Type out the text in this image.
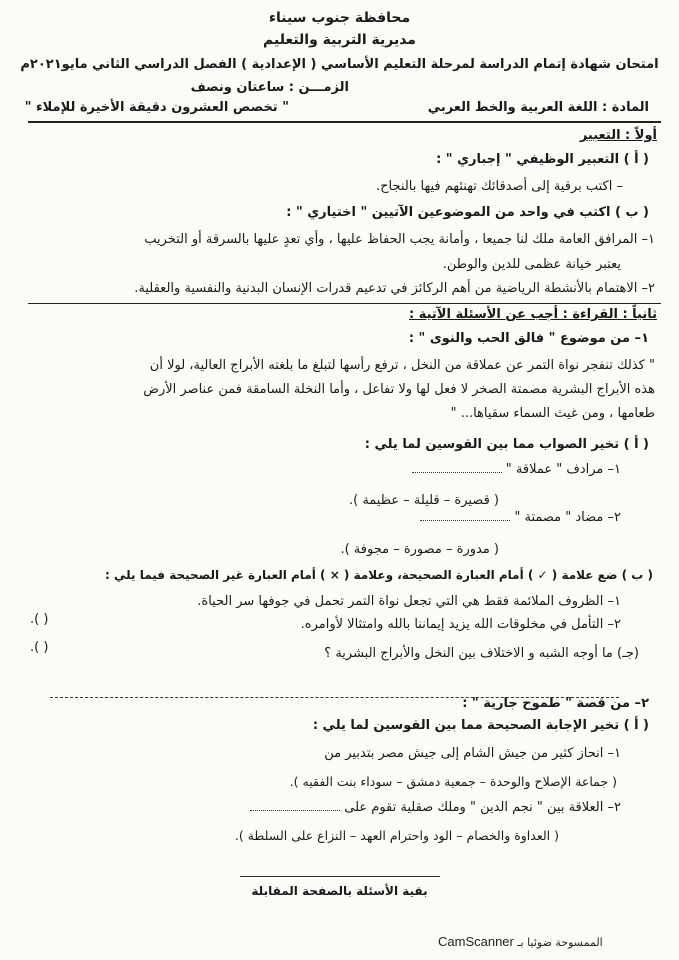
محافظة جنوب سيناء
مديرية التربية والتعليم
امتحان شهادة إتمام الدراسة لمرحلة التعليم الأساسي ( الإعدادية ) الفصل الدراسي الثاني مايو٢٠٢١م
الزمـــن : ساعتان ونصف
المادة : اللغة العربية والخط العربي
" تخصص العشرون دقيقة الأخيرة للإملاء "
أولاً : التعبير
( أ ) التعبير الوظيفي " إجباري " :
– اكتب برقية إلى أصدقائك تهنئهم فيها بالنجاح.
( ب ) اكتب في واحد من الموضوعين الآتيين " اختياري " :
١– المرافق العامة ملك لنا جميعا ، وأمانة يجب الحفاظ عليها ، وأي تعدٍ عليها بالسرقة أو التخريب
يعتبر خيانة عظمى للدين والوطن.
٢– الاهتمام بالأنشطة الرياضية من أهم الركائز في تدعيم قدرات الإنسان البدنية والنفسية والعقلية.
ثانياً : القراءة : أجب عن الأسئلة الآتية :
١– من موضوع " فالق الحب والنوى " :
" كذلك تنفجر نواة التمر عن عملاقة من النخل ، ترفع رأسها لتبلغ ما بلغته الأبراج العالية، لولا أن
هذه الأبراج البشرية مصمتة الصخر لا فعل لها ولا تفاعل ، وأما النخلة السامقة فمن عناصر الأرض
طعامها ، ومن غيث السماء سقياها... "
( أ ) تخير الصواب مما بين القوسين لما يلي :
١– مرادف " عملاقة "
( قصيرة – قليلة – عظيمة ).
٢– مضاد " مصمتة "
( مدورة – مصورة – مجوفة ).
( ب ) ضع علامة ( ✓ ) أمام العبارة الصحيحة، وعلامة ( × ) أمام العبارة غير الصحيحة فيما يلي :
١– الظروف الملائمة فقط هي التي تجعل نواة التمر تحمل في جوفها سر الحياة.
( ).	٢– التأمل في مخلوقات الله يزيد إيماننا بالله وامتثالا لأوامره.
( ).	(جـ) ما أوجه الشبه و الاختلاف بين النخل والأبراج البشرية ؟
٢– من قصة " طموح جارية " :
( أ ) تخير الإجابة الصحيحة مما بين القوسين لما يلي :
١– انحاز كثير من جيش الشام إلى جيش مصر بتدبير من
( جماعة الإصلاح والوحدة – جمعية دمشق – سوداء بنت الفقيه ).
٢– العلاقة بين " نجم الدين " وملك صقلية تقوم على
( العداوة والخصام – الود واحترام العهد – النزاع على السلطة ).
بقية الأسئلة بالصفحة المقابلة
CamScanner الممسوحة ضوئيا بـ
